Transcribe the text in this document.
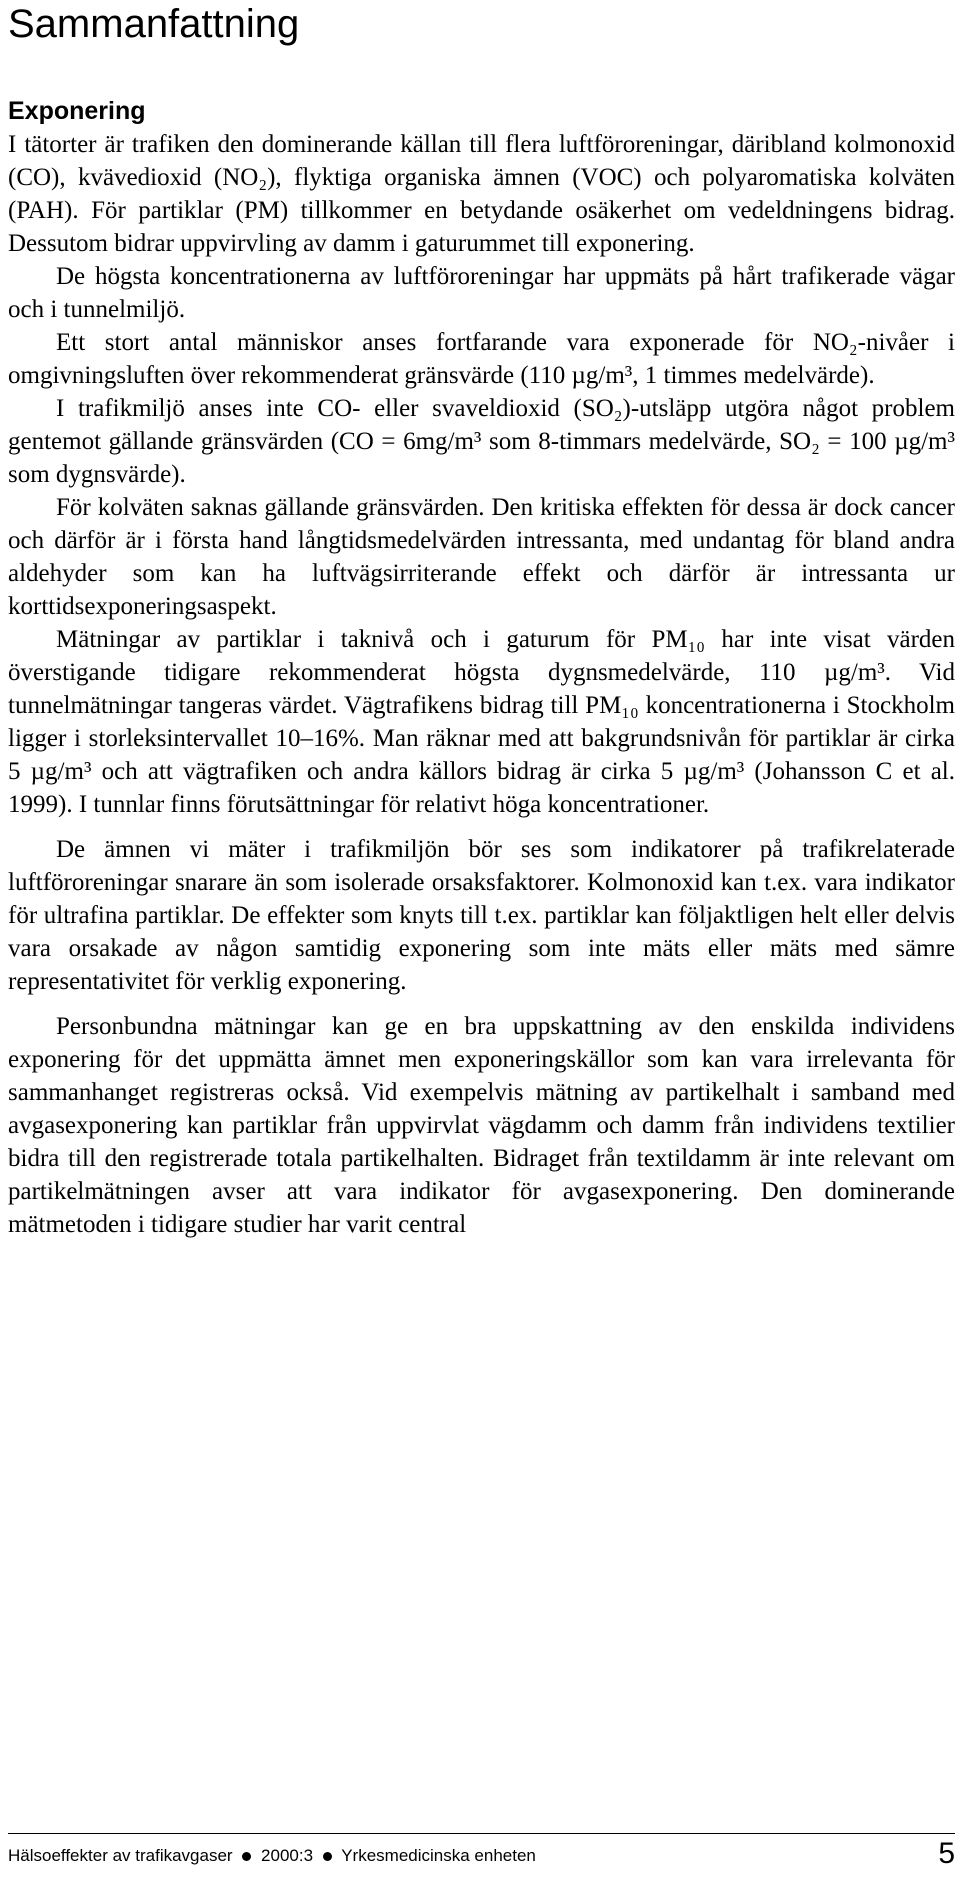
Sammanfattning
Exponering

I tätorter är trafiken den dominerande källan till flera luftföroreningar, däribland kolmonoxid (CO), kvävedioxid (NO₂), flyktiga organiska ämnen (VOC) och polyaromatiska kolväten (PAH). För partiklar (PM) tillkommer en betydande osäkerhet om vedeldningens bidrag. Dessutom bidrar uppvirvling av damm i gaturummet till exponering.

De högsta koncentrationerna av luftföroreningar har uppmäts på hårt trafikerade vägar och i tunnelmiljö.

Ett stort antal människor anses fortfarande vara exponerade för NO₂-nivåer i omgivningsluften över rekommenderat gränsvärde (110 µg/m³, 1 timmes medelvärde).

I trafikmiljö anses inte CO- eller svaveldioxid (SO₂)-utsläpp utgöra något problem gentemot gällande gränsvärden (CO = 6mg/m³ som 8-timmars medelvärde, SO₂ = 100 µg/m³ som dygnsvärde).

För kolväten saknas gällande gränsvärden. Den kritiska effekten för dessa är dock cancer och därför är i första hand långtidsmedelvärden intressanta, med undantag för bland andra aldehyder som kan ha luftvägsirriterande effekt och därför är intressanta ur korttidsexponeringsaspekt.

Mätningar av partiklar i taknivå och i gaturum för PM₁₀ har inte visat värden överstigande tidigare rekommenderat högsta dygnsmedelvärde, 110 µg/m³. Vid tunnelmätningar tangeras värdet. Vägtrafikens bidrag till PM₁₀ koncentrationerna i Stockholm ligger i storleksintervallet 10–16%. Man räknar med att bakgrundsnivån för partiklar är cirka 5 µg/m³ och att vägtrafiken och andra källors bidrag är cirka 5 µg/m³ (Johansson C et al. 1999). I tunnlar finns förutsättningar för relativt höga koncentrationer.

De ämnen vi mäter i trafikmiljön bör ses som indikatorer på trafikrelaterade luftföroreningar snarare än som isolerade orsaksfaktorer. Kolmonoxid kan t.ex. vara indikator för ultrafina partiklar. De effekter som knyts till t.ex. partiklar kan följaktligen helt eller delvis vara orsakade av någon samtidig exponering som inte mäts eller mäts med sämre representativitet för verklig exponering.

Personbundna mätningar kan ge en bra uppskattning av den enskilda individens exponering för det uppmätta ämnet men exponeringskällor som kan vara irrelevanta för sammanhanget registreras också. Vid exempelvis mätning av partikelhalt i samband med avgasexponering kan partiklar från uppvirvlat vägdamm och damm från individens textilier bidra till den registrerade totala partikelhalten. Bidraget från textildamm är inte relevant om partikelmätningen avser att vara indikator för avgasexponering. Den dominerande mätmetoden i tidigare studier har varit central

Hälsoeffekter av trafikavgaser 2000:3 Yrkesmedicinska enheten	5
